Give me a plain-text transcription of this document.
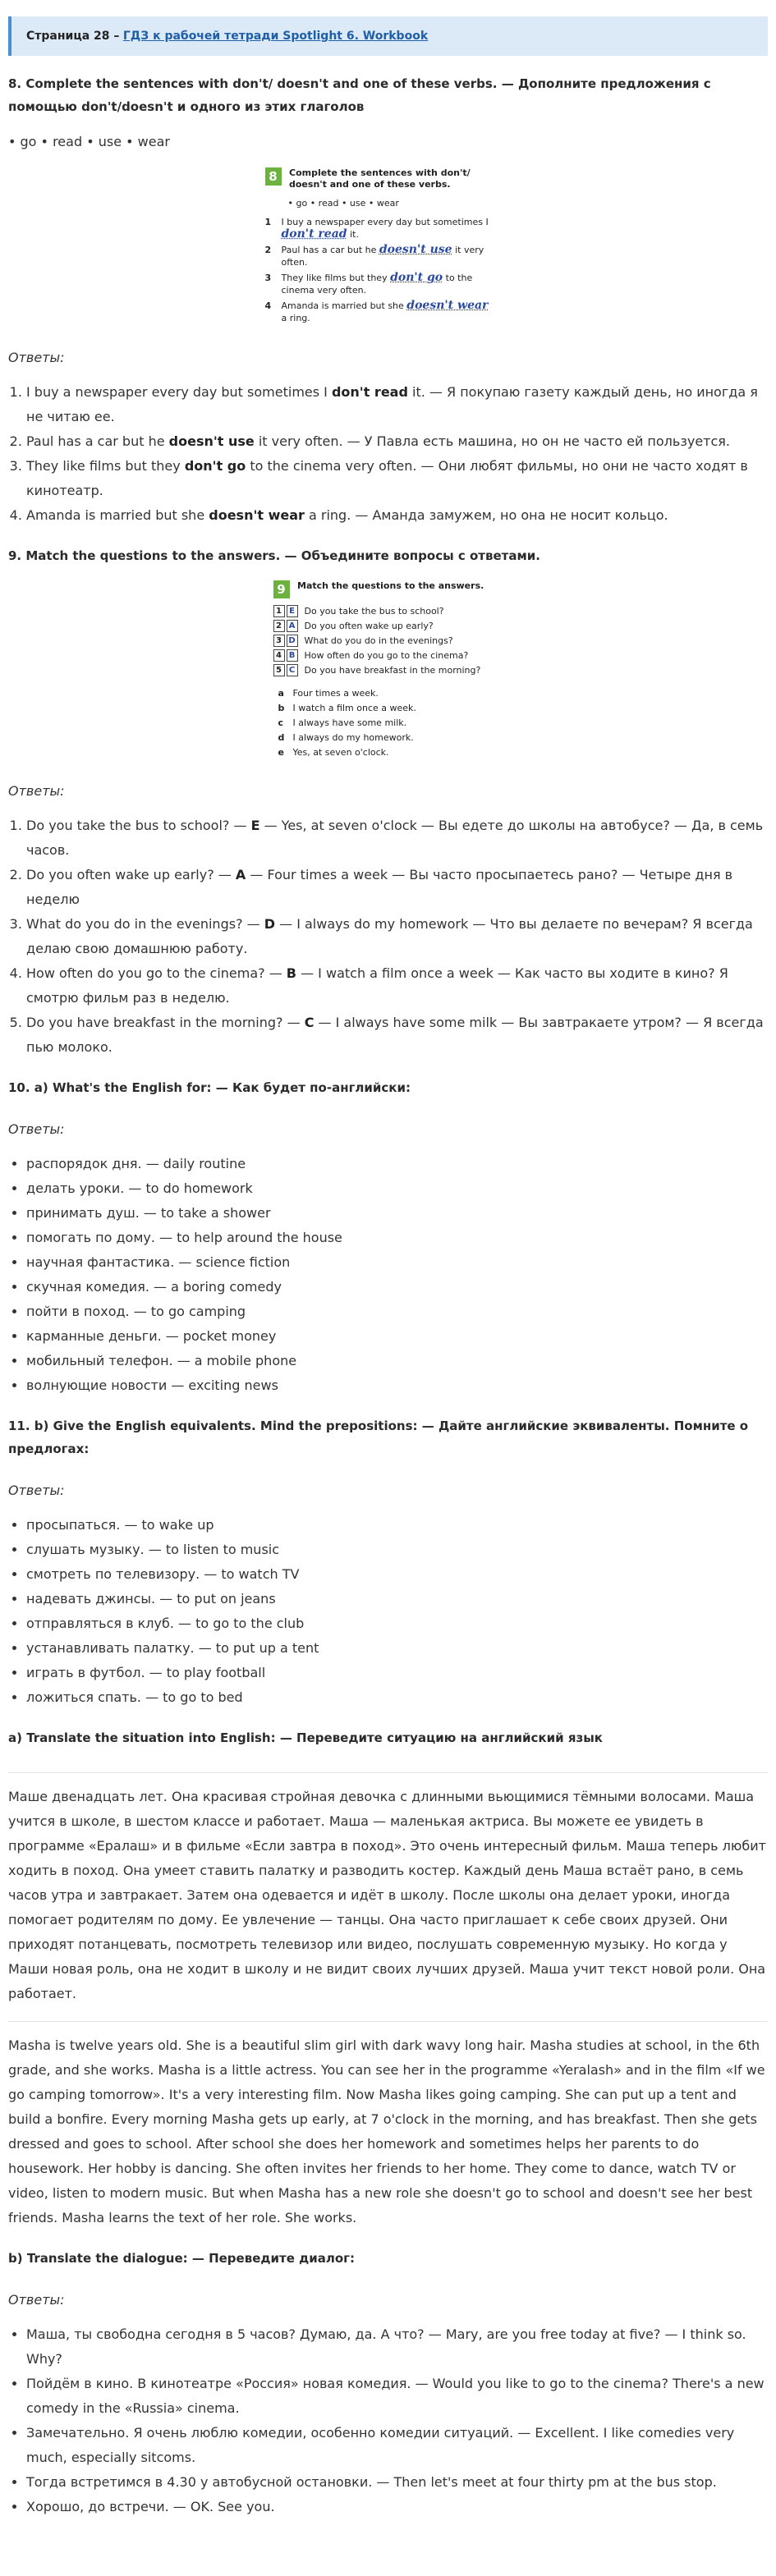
Страница 28 – ГДЗ к рабочей тетради Spotlight 6. Workbook
8. Complete the sentences with don't/ doesn't and one of these verbs. — Дополните предложения с помощью don't/doesn't и одного из этих глаголов

• go • read • use • wear

8 Complete the sentences with don't/ doesn't and one of these verbs.
• go • read • use • wear
1	I buy a newspaper every day but sometimes I don't read it.
2	Paul has a car but he doesn't use it very often.
3	They like films but they don't go to the cinema very often.
4	Amanda is married but she doesn't wear a ring.
Ответы:
1. I buy a newspaper every day but sometimes I don't read it. — Я покупаю газету каждый день, но иногда я не читаю ее.
2. Paul has a car but he doesn't use it very often. — У Павла есть машина, но он не часто ей пользуется.
3. They like films but they don't go to the cinema very often. — Они любят фильмы, но они не часто ходят в кинотеатр.
4. Amanda is married but she doesn't wear a ring. — Аманда замужем, но она не носит кольцо.
9. Match the questions to the answers. — Объедините вопросы с ответами.
9 Match the questions to the answers.
1 E	Do you take the bus to school?
2 A Do you often wake up early?
3 D What do you do in the evenings?
4 B How often do you go to the cinema?
5 C	Do you have breakfast in the morning?
a Four times a week.
b I watch a film once a week.
c	I always have some milk.
d I always do my homework.
e Yes, at seven o'clock.
Ответы:
1. Do you take the bus to school? — E — Yes, at seven o'clock — Вы едете до школы на автобусе? — Да, в семь часов.
2. Do you often wake up early? — A — Four times a week — Вы часто просыпаетесь рано? — Четыре дня в неделю
3. What do you do in the evenings? — D — I always do my homework — Что вы делаете по вечерам? Я всегда делаю свою домашнюю работу.
4. How often do you go to the cinema? — B — I watch a film once a week — Как часто вы ходите в кино? Я смотрю фильм раз в неделю.
5. Do you have breakfast in the morning? — C — I always have some milk — Вы завтракаете утром? — Я всегда пью молоко.
10. a) What's the English for: — Как будет по-английски:
Ответы:
• распорядок дня. — daily routine
• делать уроки. — to do homework
• принимать душ. — to take a shower
• помогать по дому. — to help around the house
• научная фантастика. — science fiction
• скучная комедия. — a boring comedy
• пойти в поход. — to go camping
• карманные деньги. — pocket money
• мобильный телефон. — a mobile phone
• волнующие новости — exciting news
11. b) Give the English equivalents. Mind the prepositions: — Дайте английские эквиваленты. Помните о предлогах:
Ответы:
• просыпаться. — to wake up
• слушать музыку. — to listen to music
• смотреть по телевизору. — to watch TV
• надевать джинсы. — to put on jeans
• отправляться в клуб. — to go to the club
• устанавливать палатку. — to put up a tent
• играть в футбол. — to play football
• ложиться спать. — to go to bed
a) Translate the situation into English: — Переведите ситуацию на английский язык

Маше двенадцать лет. Она красивая стройная девочка с длинными вьющимися тёмными волосами. Маша учится в школе, в шестом классе и работает. Маша — маленькая актриса. Вы можете ее увидеть в программе «Ералаш» и в фильме «Если завтра в поход». Это очень интересный фильм. Маша теперь любит ходить в поход. Она умеет ставить палатку и разводить костер. Каждый день Маша встаёт рано, в семь часов утра и завтракает. Затем она одевается и идёт в школу. После школы она делает уроки, иногда помогает родителям по дому. Ее увлечение — танцы. Она часто приглашает к себе своих друзей. Они приходят потанцевать, посмотреть телевизор или видео, послушать современную музыку. Но когда у Маши новая роль, она не ходит в школу и не видит своих лучших друзей. Маша учит текст новой роли. Она работает.

Masha is twelve years old. She is a beautiful slim girl with dark wavy long hair. Masha studies at school, in the 6th grade, and she works. Masha is a little actress. You can see her in the programme «Yeralash» and in the film «If we go camping tomorrow». It's a very interesting film. Now Masha likes going camping. She can put up a tent and build a bonfire. Every morning Masha gets up early, at 7 o'clock in the morning, and has breakfast. Then she gets dressed and goes to school. After school she does her homework and sometimes helps her parents to do housework. Her hobby is dancing. She often invites her friends to her home. They come to dance, watch TV or video, listen to modern music. But when Masha has a new role she doesn't go to school and doesn't see her best friends. Masha learns the text of her role. She works.

b) Translate the dialogue: — Переведите диалог:
Ответы:
• Маша, ты свободна сегодня в 5 часов? Думаю, да. А что? — Mary, are you free today at five? — I think so. Why?
• Пойдём в кино. В кинотеатре «Россия» новая комедия. — Would you like to go to the cinema? There's a new comedy in the «Russia» cinema.
• Замечательно. Я очень люблю комедии, особенно комедии ситуаций. — Excellent. I like comedies very much, especially sitcoms.
• Тогда встретимся в 4.30 у автобусной остановки. — Then let's meet at four thirty pm at the bus stop.
• Хорошо, до встречи. — OK. See you.
